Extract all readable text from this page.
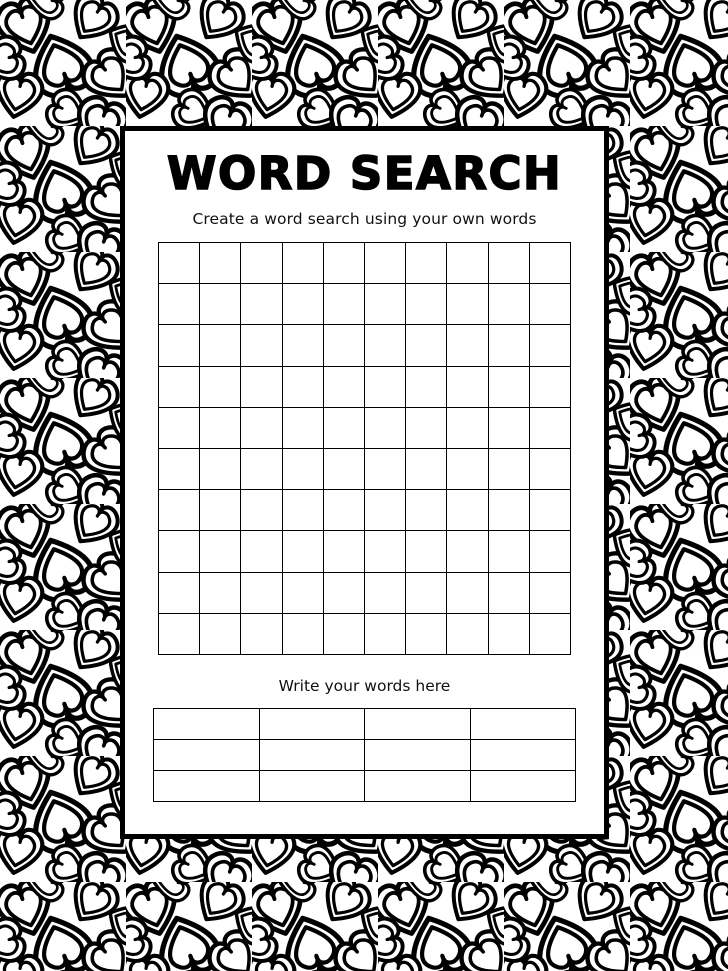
WORD SEARCH

Create a word search using your own words

Write your words here
